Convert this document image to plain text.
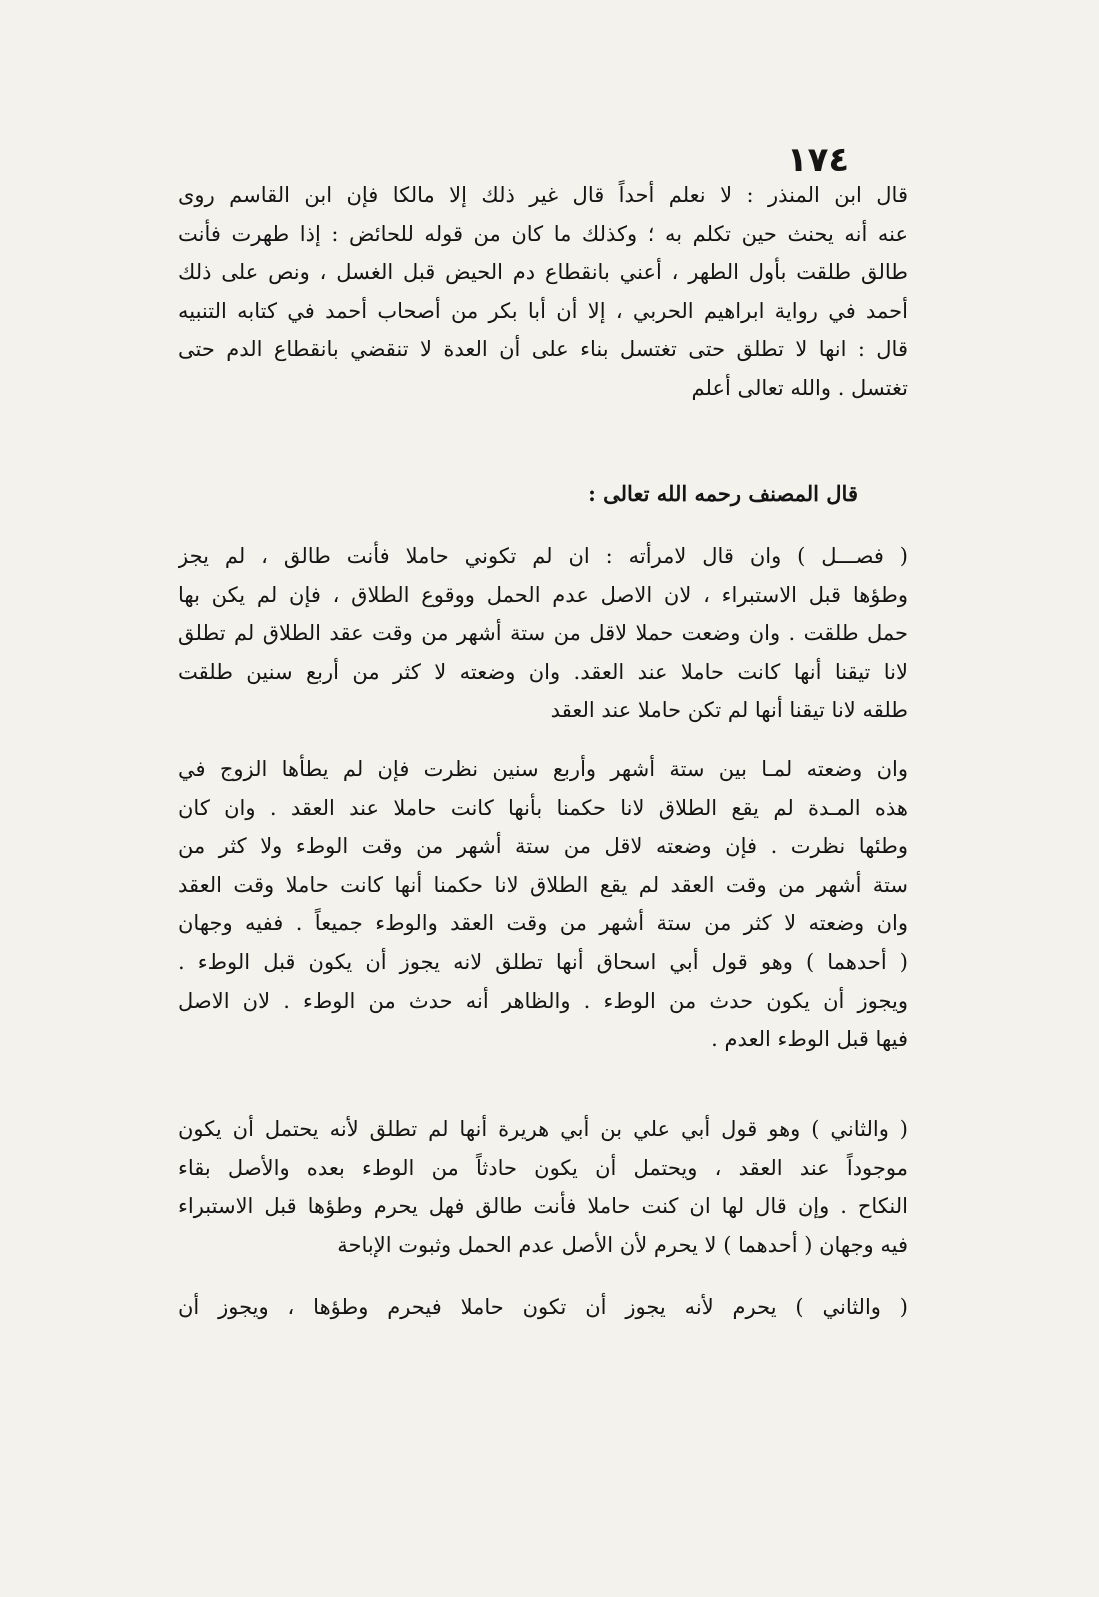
١٧٤
قال ابن المنذر : لا نعلم أحداً قال غير ذلك إلا مالكا فإن ابن القاسم روى
عنه أنه يحنث حين تكلم به ؛ وكذلك ما كان من قوله للحائض : إذا طهرت فأنت
طالق طلقت بأول الطهر ، أعني بانقطاع دم الحيض قبل الغسل ، ونص على ذلك
أحمد في رواية ابراهيم الحربي ، إلا أن أبا بكر من أصحاب أحمد في كتابه التنبيه
قال : انها لا تطلق حتى تغتسل بناء على أن العدة لا تنقضي بانقطاع الدم حتى
تغتسل . والله تعالى أعلم
قال المصنف رحمه الله تعالى :
( فصـــل ) وان قال لامرأته : ان لم تكوني حاملا فأنت طالق ، لم يجز
وطؤها قبل الاستبراء ، لان الاصل عدم الحمل ووقوع الطلاق ، فإن لم يكن بها
حمل طلقت . وان وضعت حملا لاقل من ستة أشهر من وقت عقد الطلاق لم تطلق
لانا تيقنا أنها كانت حاملا عند العقد. وان وضعته لا كثر من أربع سنين طلقت
طلقه لانا تيقنا أنها لم تكن حاملا عند العقد
وان وضعته لمـا بين ستة أشهر وأربع سنين نظرت فإن لم يطأها الزوج في
هذه المـدة لم يقع الطلاق لانا حكمنا بأنها كانت حاملا عند العقد . وان كان
وطئها نظرت . فإن وضعته لاقل من ستة أشهر من وقت الوطء ولا كثر من
ستة أشهر من وقت العقد لم يقع الطلاق لانا حكمنا أنها كانت حاملا وقت العقد
وان وضعته لا كثر من ستة أشهر من وقت العقد والوطء جميعاً . ففيه وجهان
( أحدهما ) وهو قول أبي اسحاق أنها تطلق لانه يجوز أن يكون قبل الوطء .
ويجوز أن يكون حدث من الوطء . والظاهر أنه حدث من الوطء . لان الاصل
فيها قبل الوطء العدم .
( والثاني ) وهو قول أبي علي بن أبي هريرة أنها لم تطلق لأنه يحتمل أن يكون
موجوداً عند العقد ، ويحتمل أن يكون حادثاً من الوطء بعده والأصل بقاء
النكاح . وإن قال لها ان كنت حاملا فأنت طالق فهل يحرم وطؤها قبل الاستبراء
فيه وجهان ( أحدهما ) لا يحرم لأن الأصل عدم الحمل وثبوت الإباحة
( والثاني ) يحرم لأنه يجوز أن تكون حاملا فيحرم وطؤها ، ويجوز أن
